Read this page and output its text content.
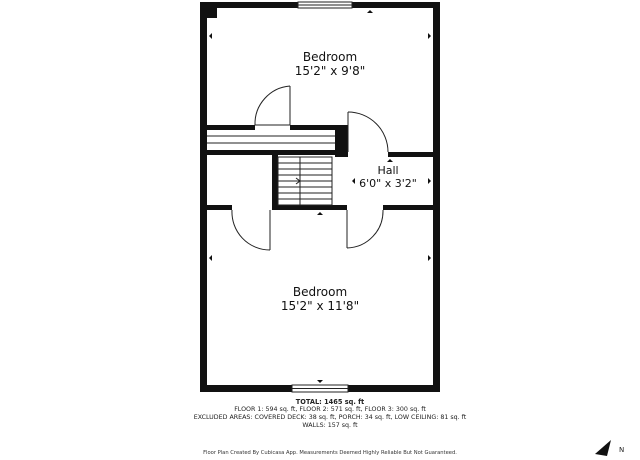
Bedroom
15'2" x 9'8"
Hall
6'0" x 3'2"
Bedroom
15'2" x 11'8"
TOTAL: 1465 sq. ft
FLOOR 1: 594 sq. ft, FLOOR 2: 571 sq. ft, FLOOR 3: 300 sq. ft
EXCLUDED AREAS: COVERED DECK: 38 sq. ft, PORCH: 34 sq. ft, LOW CEILING: 81 sq. ft
WALLS: 157 sq. ft
Floor Plan Created By Cubicasa App. Measurements Deemed Highly Reliable But Not Guaranteed.	N
